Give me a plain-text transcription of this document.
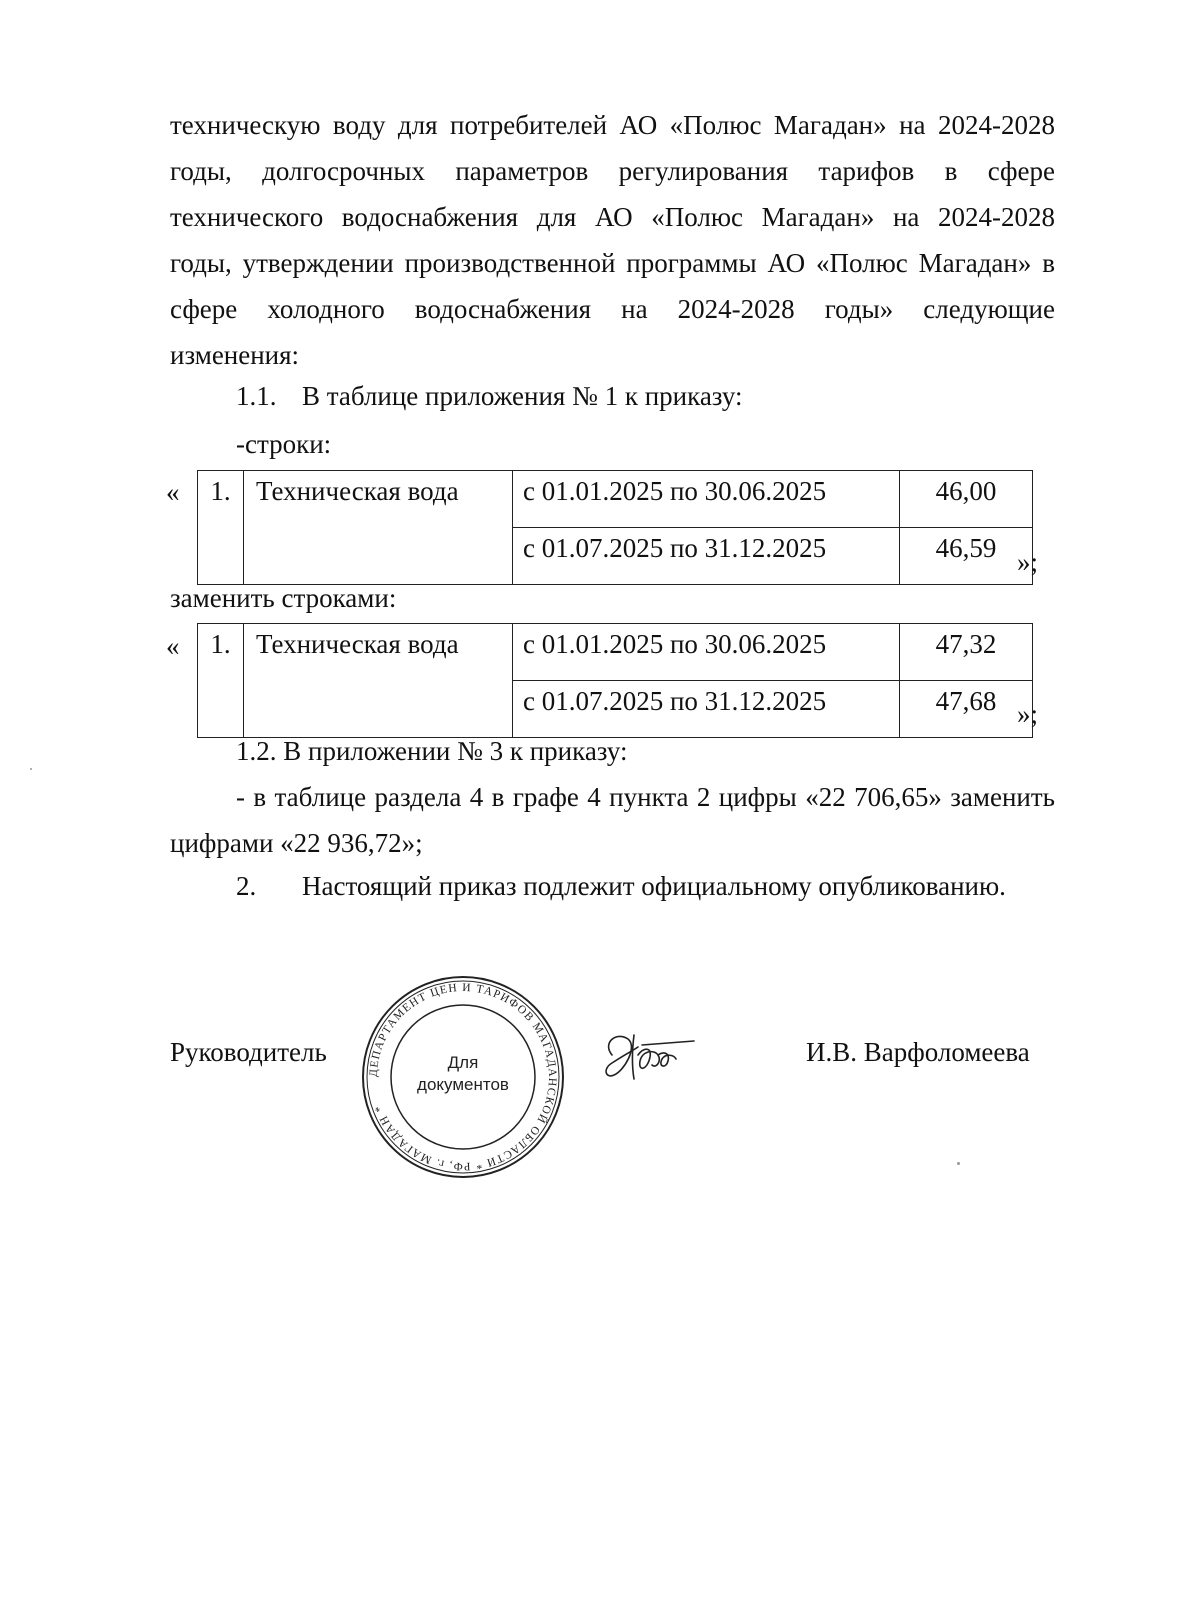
техническую воду для потребителей АО «Полюс Магадан» на 2024-2028
годы, долгосрочных параметров регулирования тарифов в сфере
технического водоснабжения для АО «Полюс Магадан» на 2024-2028
годы, утверждении производственной программы АО «Полюс Магадан» в
сфере холодного водоснабжения на 2024-2028 годы» следующие
изменения:
1.1. В таблице приложения № 1 к приказу:
-строки:
« 1.	Техническая вода	с 01.01.2025 по 30.06.2025	46,00
		с 01.07.2025 по 31.12.2025	46,59 »;
заменить строками:
« 1.	Техническая вода	с 01.01.2025 по 30.06.2025	47,32
		с 01.07.2025 по 31.12.2025	47,68 »;
1.2. В приложении № 3 к приказу:
- в таблице раздела 4 в графе 4 пункта 2 цифры «22 706,65» заменить
цифрами «22 936,72»;
2. Настоящий приказ подлежит официальному опубликованию.
Руководитель	И.В. Варфоломеева
ДЕПАРТАМЕНТ ЦЕН И ТАРИФОВ МАГАДАНСКОЙ ОБЛАСТИ * РФ, г. МАГАДАН *
Для
документов
